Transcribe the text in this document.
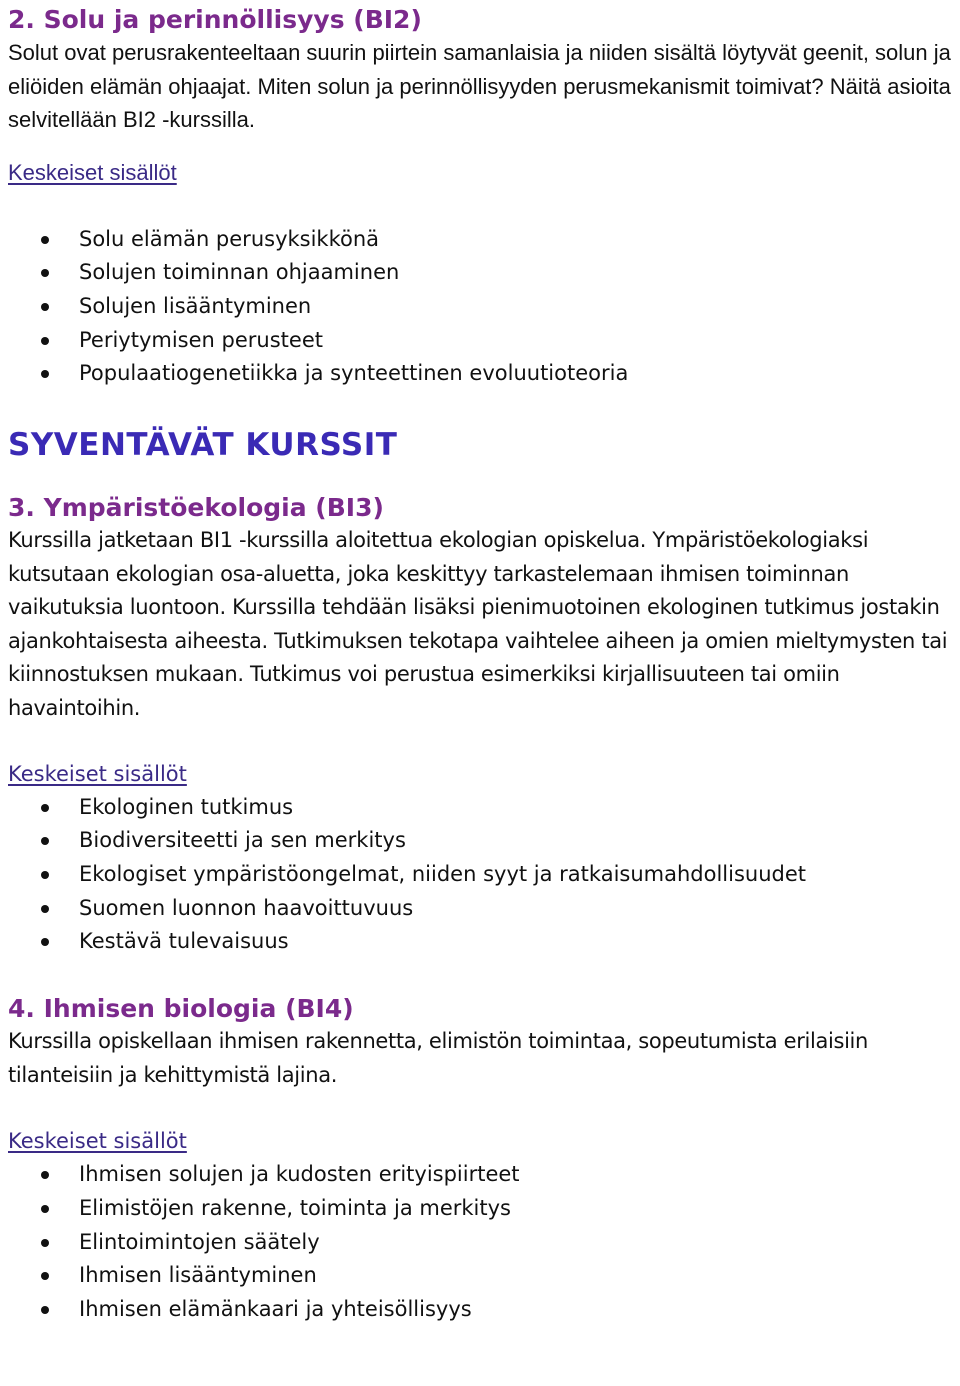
2. Solu ja perinnöllisyys (BI2)

Solut ovat perusrakenteeltaan suurin piirtein samanlaisia ja niiden sisältä löytyvät geenit, solun ja eliöiden elämän ohjaajat. Miten solun ja perinnöllisyyden perusmekanismit toimivat? Näitä asioita selvitellään BI2 -kurssilla.

Keskeiset sisällöt
Solu elämän perusyksikkönä
Solujen toiminnan ohjaaminen
Solujen lisääntyminen
Periytymisen perusteet
Populaatiogenetiikka ja synteettinen evoluutioteoria
SYVENTÄVÄT KURSSIT
3. Ympäristöekologia (BI3)

Kurssilla jatketaan BI1 -kurssilla aloitettua ekologian opiskelua. Ympäristöekologiaksi kutsutaan ekologian osa-aluetta, joka keskittyy tarkastelemaan ihmisen toiminnan vaikutuksia luontoon. Kurssilla tehdään lisäksi pienimuotoinen ekologinen tutkimus jostakin ajankohtaisesta aiheesta. Tutkimuksen tekotapa vaihtelee aiheen ja omien mieltymysten tai kiinnostuksen mukaan. Tutkimus voi perustua esimerkiksi kirjallisuuteen tai omiin havaintoihin.

Keskeiset sisällöt
Ekologinen tutkimus
Biodiversiteetti ja sen merkitys
Ekologiset ympäristöongelmat, niiden syyt ja ratkaisumahdollisuudet
Suomen luonnon haavoittuvuus
Kestävä tulevaisuus
4. Ihmisen biologia (BI4)

Kurssilla opiskellaan ihmisen rakennetta, elimistön toimintaa, sopeutumista erilaisiin tilanteisiin ja kehittymistä lajina.

Keskeiset sisällöt
Ihmisen solujen ja kudosten erityispiirteet
Elimistöjen rakenne, toiminta ja merkitys
Elintoimintojen säätely
Ihmisen lisääntyminen
Ihmisen elämänkaari ja yhteisöllisyys
